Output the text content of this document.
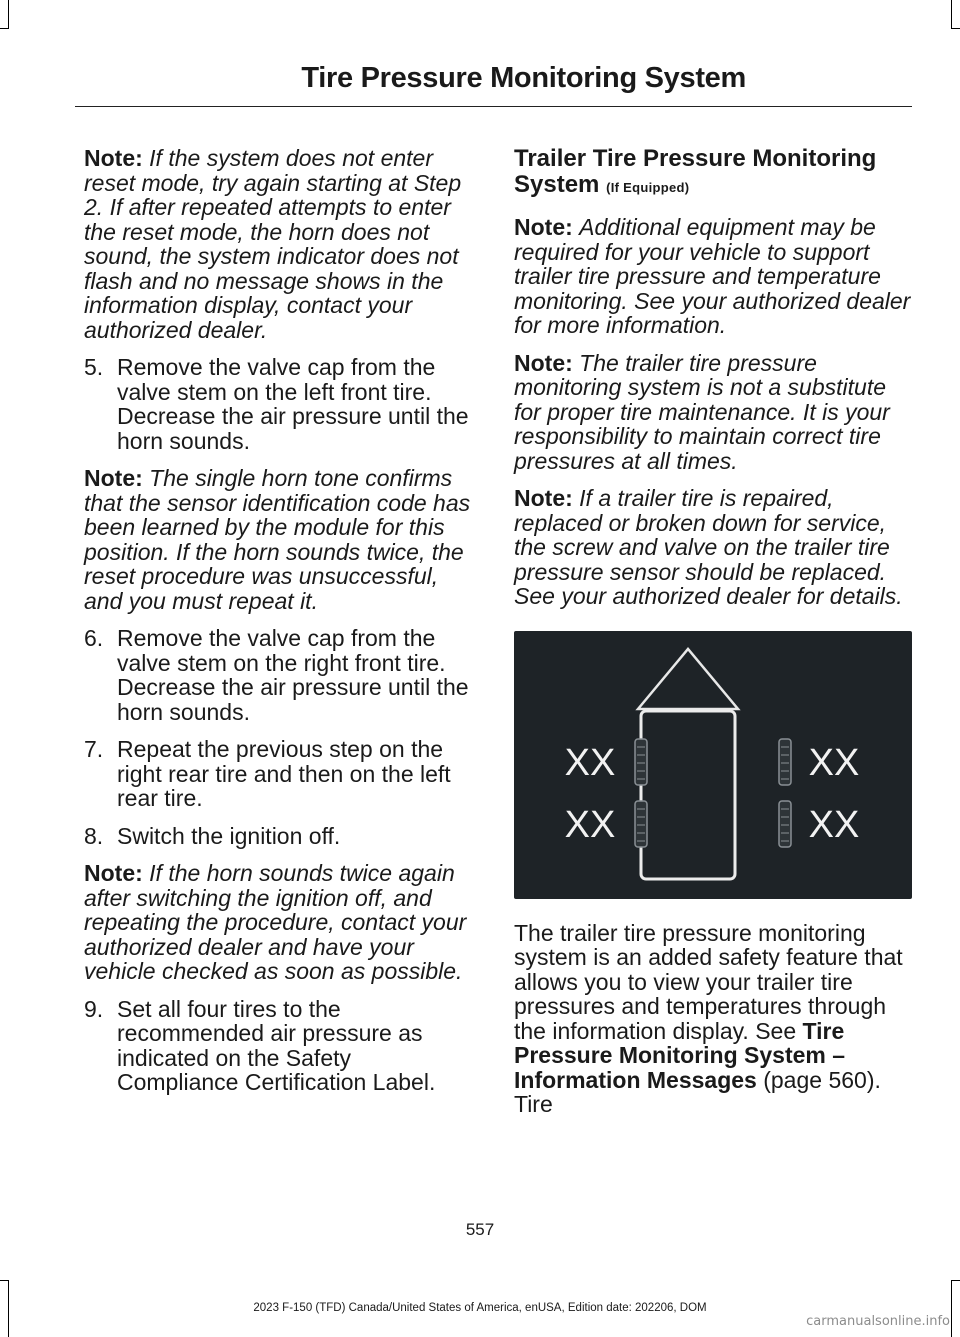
Tire Pressure Monitoring System

Note: If the system does not enter reset mode, try again starting at Step 2. If after repeated attempts to enter the reset mode, the horn does not sound, the system indicator does not flash and no message shows in the information display, contact your authorized dealer.

5. Remove the valve cap from the valve stem on the left front tire. Decrease the air pressure until the horn sounds.

Note: The single horn tone confirms that the sensor identification code has been learned by the module for this position. If the horn sounds twice, the reset procedure was unsuccessful, and you must repeat it.

6. Remove the valve cap from the valve stem on the right front tire. Decrease the air pressure until the horn sounds.
7. Repeat the previous step on the right rear tire and then on the left rear tire.
8. Switch the ignition off.

Note: If the horn sounds twice again after switching the ignition off, and repeating the procedure, contact your authorized dealer and have your vehicle checked as soon as possible.

9. Set all four tires to the recommended air pressure as indicated on the Safety Compliance Certification Label.
Trailer Tire Pressure Monitoring System (If Equipped)

Note: Additional equipment may be required for your vehicle to support trailer tire pressure and temperature monitoring. See your authorized dealer for more information.

Note: The trailer tire pressure monitoring system is not a substitute for proper tire maintenance. It is your responsibility to maintain correct tire pressures at all times.

Note: If a trailer tire is repaired, replaced or broken down for service, the screw and valve on the trailer tire pressure sensor should be replaced. See your authorized dealer for details.

XX
XX
XX
XX

The trailer tire pressure monitoring system is an added safety feature that allows you to view your trailer tire pressures and temperatures through the information display. See Tire Pressure Monitoring System – Information Messages (page 560). Tire

557
2023 F-150 (TFD) Canada/United States of America, enUSA, Edition date: 202206, DOM
carmanualsonline.info
